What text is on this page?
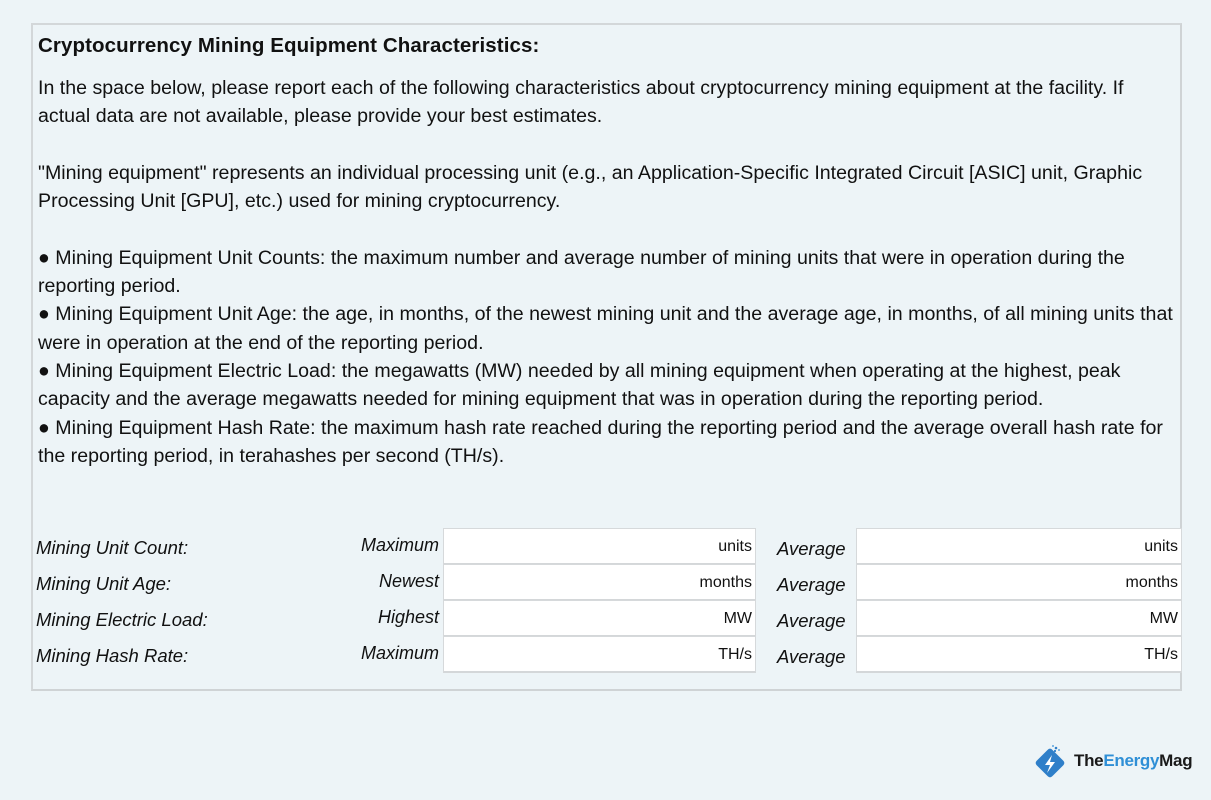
Cryptocurrency Mining Equipment Characteristics:

In the space below, please report each of the following characteristics about cryptocurrency mining equipment at the facility. If actual data are not available, please provide your best estimates.

"Mining equipment" represents an individual processing unit (e.g., an Application-Specific Integrated Circuit [ASIC] unit, Graphic Processing Unit [GPU], etc.) used for mining cryptocurrency.

● Mining Equipment Unit Counts: the maximum number and average number of mining units that were in operation during the reporting period.

● Mining Equipment Unit Age: the age, in months, of the newest mining unit and the average age, in months, of all mining units that were in operation at the end of the reporting period.

● Mining Equipment Electric Load: the megawatts (MW) needed by all mining equipment when operating at the highest, peak capacity and the average megawatts needed for mining equipment that was in operation during the reporting period.

● Mining Equipment Hash Rate: the maximum hash rate reached during the reporting period and the average overall hash rate for the reporting period, in terahashes per second (TH/s).

Mining Unit Count:	Maximum	units Average	units
Mining Unit Age:	Newest	months Average	months
Mining Electric Load:	Highest	MW Average	MW
Mining Hash Rate:	Maximum	TH/s Average	TH/s
TheEnergyMag
